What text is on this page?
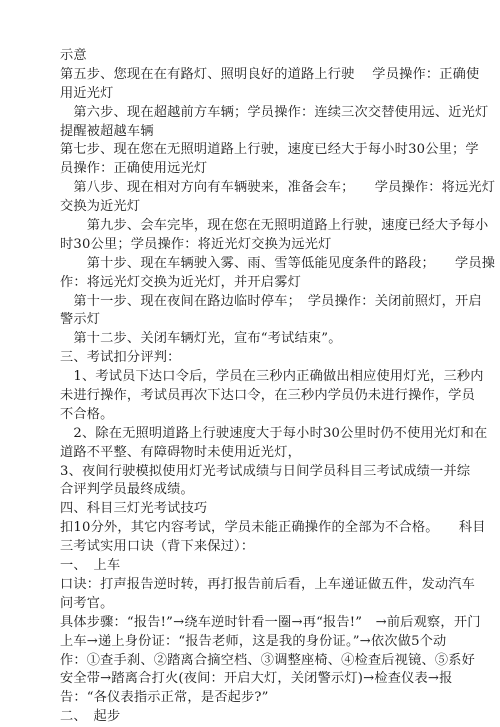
示意
第五步、您现在在有路灯、照明良好的道路上行驶　 学员操作：正确使
用近光灯
　第六步、现在超越前方车辆；学员操作：连续三次交替使用远、近光灯
提醒被超越车辆
第七步、现在您在无照明道路上行驶，速度已经大于每小时30公里；学
员操作：正确使用远光灯
　第八步、现在相对方向有车辆驶来，准备会车；　　学员操作：将远光灯
交换为近光灯
　　第九步、会车完毕，现在您在无照明道路上行驶，速度已经大予每小
时30公里；学员操作：将近光灯交换为远光灯
　　第十步、现在车辆驶入雾、雨、雪等低能见度条件的路段；　　学员操
作：将远光灯交换为近光灯，并开启雾灯
　第十一步、现在夜间在路边临时停车；　学员操作：关闭前照灯，开启
警示灯
　第十二步、关闭车辆灯光，宣布“考试结束”。
三、考试扣分评判：
　1、考试员下达口令后，学员在三秒内正确做出相应使用灯光，三秒内
未进行操作，考试员再次下达口令，在三秒内学员仍未进行操作，学员
不合格。
　2、除在无照明道路上行驶速度大于每小时30公里时仍不使用光灯和在
道路不平整、有障碍物时未使用近光灯，
3、夜间行驶模拟使用灯光考试成绩与日间学员科目三考试成绩一并综
合评判学员最终成绩。
四、科目三灯光考试技巧
扣10分外，其它内容考试，学员未能正确操作的全部为不合格。　　科目
三考试实用口诀（背下来保过）：
一、　上车
口诀：打声报告逆时转，再打报告前后看，上车递证做五件，发动汽车
问考官。
具体步骤：“报告!”→绕车逆时针看一圈→再“报告!”　→前后观察，开门
上车→递上身份证：“报告老师，这是我的身份证。”→依次做5个动
作：①查手刹、②踏离合摘空档、③调整座椅、④检查后视镜、⑤系好
安全带→踏离合打火(夜间：开启大灯，关闭警示灯)→检查仪表→报
告：“各仪表指示正常，是否起步?”
二、　起步
